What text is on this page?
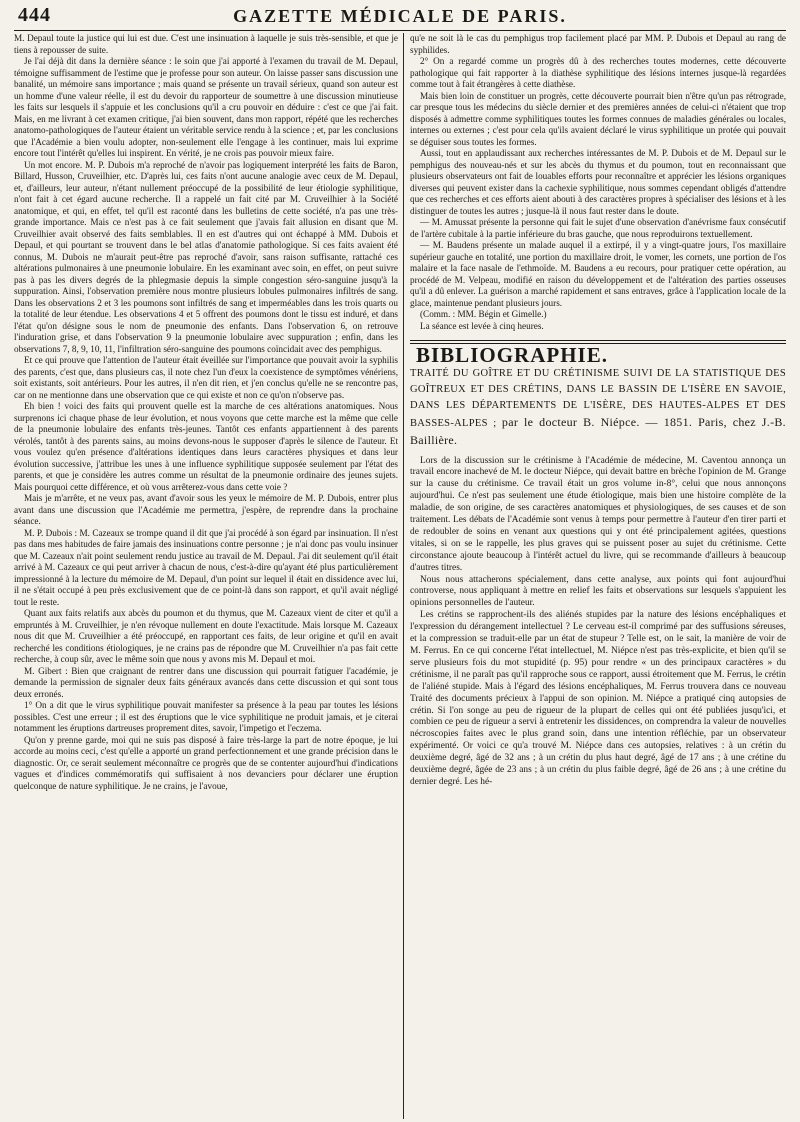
444	GAZETTE MÉDICALE DE PARIS.

M. Depaul toute la justice qui lui est due. C'est une insinuation à laquelle je suis très-sensible, et que je tiens à repousser de suite.

Je l'ai déjà dit dans la dernière séance : le soin que j'ai apporté à l'examen du travail de M. Depaul, témoigne suffisamment de l'estime que je professe pour son auteur. On laisse passer sans discussion une banalité, un mémoire sans importance ; mais quand se présente un travail sérieux, quand son auteur est un homme d'une valeur réelle, il est du devoir du rapporteur de soumettre à une discussion minutieuse les faits sur lesquels il s'appuie et les conclusions qu'il a cru pouvoir en déduire : c'est ce que j'ai fait. Mais, en me livrant à cet examen critique, j'ai bien souvent, dans mon rapport, répété que les recherches anatomo-pathologiques de l'auteur étaient un véritable service rendu à la science ; et, par les conclusions que l'Académie a bien voulu adopter, non-seulement elle l'engage à les continuer, mais lui exprime encore tout l'intérêt qu'elles lui inspirent. En vérité, je ne crois pas pouvoir mieux faire.

Un mot encore. M. P. Dubois m'a reproché de n'avoir pas logiquement interprété les faits de Baron, Billard, Husson, Cruveilhier, etc. D'après lui, ces faits n'ont aucune analogie avec ceux de M. Depaul, et, d'ailleurs, leur auteur, n'étant nullement préoccupé de la possibilité de leur étiologie syphilitique, n'ont fait à cet égard aucune recherche. Il a rappelé un fait cité par M. Cruveilhier à la Société anatomique, et qui, en effet, tel qu'il est raconté dans les bulletins de cette société, n'a pas une très-grande importance. Mais ce n'est pas à ce fait seulement que j'avais fait allusion en disant que M. Cruveilhier avait observé des faits semblables. Il en est d'autres qui ont échappé à MM. Dubois et Depaul, et qui pourtant se trouvent dans le bel atlas d'anatomie pathologique. Si ces faits avaient été connus, M. Dubois ne m'aurait peut-être pas reproché d'avoir, sans raison suffisante, rattaché ces altérations pulmonaires à une pneumonie lobulaire. En les examinant avec soin, en effet, on peut suivre pas à pas les divers degrés de la phlegmasie depuis la simple congestion séro-sanguine jusqu'à la suppuration. Ainsi, l'observation première nous montre plusieurs lobules pulmonaires infiltrés de sang. Dans les observations 2 et 3 les poumons sont infiltrés de sang et imperméables dans les trois quarts ou la totalité de leur étendue. Les observations 4 et 5 offrent des poumons dont le tissu est induré, et dans l'état qu'on désigne sous le nom de pneumonie des enfants. Dans l'observation 6, on retrouve l'induration grise, et dans l'observation 9 la pneumonie lobulaire avec suppuration ; enfin, dans les observations 7, 8, 9, 10, 11, l'infiltration séro-sanguine des poumons coïncidait avec des pemphigus.

Et ce qui prouve que l'attention de l'auteur était éveillée sur l'importance que pouvait avoir la syphilis des parents, c'est que, dans plusieurs cas, il note chez l'un d'eux la coexistence de symptômes vénériens, soit existants, soit antérieurs. Pour les autres, il n'en dit rien, et j'en conclus qu'elle ne se rencontre pas, car on ne mentionne dans une observation que ce qui existe et non ce qu'on n'observe pas.

Eh bien ! voici des faits qui prouvent quelle est la marche de ces altérations anatomiques. Nous surprenons ici chaque phase de leur évolution, et nous voyons que cette marche est la même que celle de la pneumonie lobulaire des enfants très-jeunes. Tantôt ces enfants appartiennent à des parents vérolés, tantôt à des parents sains, au moins devons-nous le supposer d'après le silence de l'auteur. Et vous voulez qu'en présence d'altérations identiques dans leurs caractères physiques et dans leur évolution successive, j'attribue les unes à une influence syphilitique supposée seulement par l'état des parents, et que je considère les autres comme un résultat de la pneumonie ordinaire des jeunes sujets. Mais pourquoi cette différence, et où vous arrêterez-vous dans cette voie ?

Mais je m'arrête, et ne veux pas, avant d'avoir sous les yeux le mémoire de M. P. Dubois, entrer plus avant dans une discussion que l'Académie me permettra, j'espère, de reprendre dans la prochaine séance.

M. P. Dubois : M. Cazeaux se trompe quand il dit que j'ai procédé à son égard par insinuation. Il n'est pas dans mes habitudes de faire jamais des insinuations contre personne ; je n'ai donc pas voulu insinuer que M. Cazeaux n'ait point seulement rendu justice au travail de M. Depaul. J'ai dit seulement qu'il était arrivé à M. Cazeaux ce qui peut arriver à chacun de nous, c'est-à-dire qu'ayant été plus particulièrement impressionné à la lecture du mémoire de M. Depaul, d'un point sur lequel il était en dissidence avec lui, il ne s'était occupé à peu près exclusivement que de ce point-là dans son rapport, et qu'il avait négligé tout le reste.

Quant aux faits relatifs aux abcès du poumon et du thymus, que M. Cazeaux vient de citer et qu'il a empruntés à M. Cruveilhier, je n'en révoque nullement en doute l'exactitude. Mais lorsque M. Cazeaux nous dit que M. Cruveilhier a été préoccupé, en rapportant ces faits, de leur origine et qu'il en avait recherché les conditions étiologiques, je ne crains pas de répondre que M. Cruveilhier n'a pas fait cette recherche, à coup sûr, avec le même soin que nous y avons mis M. Depaul et moi.

M. Gibert : Bien que craignant de rentrer dans une discussion qui pourrait fatiguer l'académie, je demande la permission de signaler deux faits généraux avancés dans cette discussion et qui sont tous deux erronés.

1° On a dit que le virus syphilitique pouvait manifester sa présence à la peau par toutes les lésions possibles. C'est une erreur ; il est des éruptions que le vice syphilitique ne produit jamais, et je citerai notamment les éruptions dartreuses proprement dites, savoir, l'impetigo et l'eczema.

Qu'on y prenne garde, moi qui ne suis pas disposé à faire très-large la part de notre époque, je lui accorde au moins ceci, c'est qu'elle a apporté un grand perfectionnement et une grande précision dans le diagnostic. Or, ce serait seulement méconnaître ce progrès que de se contenter aujourd'hui d'indications vagues et d'indices commémoratifs qui suffisaient à nos devanciers pour déclarer une éruption quelconque de nature syphilitique. Je ne crains, je l'avoue,

qu'e ne soit là le cas du pemphigus trop facilement placé par MM. P. Dubois et Depaul au rang de syphilides.

2° On a regardé comme un progrès dû à des recherches toutes modernes, cette découverte pathologique qui fait rapporter à la diathèse syphilitique des lésions internes jusque-là regardées comme tout à fait étrangères à cette diathèse.

Mais bien loin de constituer un progrès, cette découverte pourrait bien n'être qu'un pas rétrograde, car presque tous les médecins du siècle dernier et des premières années de celui-ci n'étaient que trop disposés à admettre comme syphilitiques toutes les formes connues de maladies générales ou locales, internes ou externes ; c'est pour cela qu'ils avaient déclaré le virus syphilitique un protée qui pouvait se déguiser sous toutes les formes.

Aussi, tout en applaudissant aux recherches intéressantes de M. P. Dubois et de M. Depaul sur le pemphigus des nouveau-nés et sur les abcès du thymus et du poumon, tout en reconnaissant que plusieurs observateurs ont fait de louables efforts pour reconnaître et apprécier les lésions organiques diverses qui peuvent exister dans la cachexie syphilitique, nous sommes cependant obligés d'attendre que ces recherches et ces efforts aient abouti à des caractères propres à spécialiser des lésions et à les distinguer de toutes les autres ; jusque-là il nous faut rester dans le doute.

— M. Amussat présente la personne qui fait le sujet d'une observation d'anévrisme faux consécutif de l'artère cubitale à la partie inférieure du bras gauche, que nous reproduirons textuellement.

— M. Baudens présente un malade auquel il a extirpé, il y a vingt-quatre jours, l'os maxillaire supérieur gauche en totalité, une portion du maxillaire droit, le vomer, les cornets, une portion de l'os malaire et la face nasale de l'ethmoïde. M. Baudens a eu recours, pour pratiquer cette opération, au procédé de M. Velpeau, modifié en raison du développement et de l'altération des parties osseuses qu'il a dû enlever. La guérison a marché rapidement et sans entraves, grâce à l'application locale de la glace, maintenue pendant plusieurs jours.

(Comm. : MM. Bégin et Gimelle.)

La séance est levée à cinq heures.

BIBLIOGRAPHIE.
TRAITÉ DU GOÎTRE ET DU CRÉTINISME SUIVI DE LA STATISTIQUE DES GOÎTREUX ET DES CRÉTINS, DANS LE BASSIN DE L'ISÈRE EN SAVOIE, DANS LES DÉPARTEMENTS DE L'ISÈRE, DES HAUTES-ALPES ET DES BASSES-ALPES ; par le docteur B. Niépce. — 1851. Paris, chez J.-B. Baillière.

Lors de la discussion sur le crétinisme à l'Académie de médecine, M. Caventou annonça un travail encore inachevé de M. le docteur Niépce, qui devait battre en brèche l'opinion de M. Grange sur la cause du crétinisme. Ce travail était un gros volume in-8°, celui que nous annonçons aujourd'hui. Ce n'est pas seulement une étude étiologique, mais bien une histoire complète de la maladie, de son origine, de ses caractères anatomiques et physiologiques, de ses causes et de son traitement. Les débats de l'Académie sont venus à temps pour permettre à l'auteur d'en tirer parti et de redoubler de soins en venant aux questions qui y ont été principalement agitées, questions vitales, si on se le rappelle, les plus graves qui se puissent poser au sujet du crétinisme. Cette circonstance ajoute beaucoup à l'intérêt actuel du livre, qui se recommande d'ailleurs à beaucoup d'autres titres.

Nous nous attacherons spécialement, dans cette analyse, aux points qui font aujourd'hui controverse, nous appliquant à mettre en relief les faits et observations sur lesquels s'appuient les opinions personnelles de l'auteur.

Les crétins se rapprochent-ils des aliénés stupides par la nature des lésions encéphaliques et l'expression du dérangement intellectuel ? Le cerveau est-il comprimé par des suffusions séreuses, et la compression se traduit-elle par un état de stupeur ? Telle est, on le sait, la manière de voir de M. Ferrus. En ce qui concerne l'état intellectuel, M. Niépce n'est pas très-explicite, et bien qu'il se serve plusieurs fois du mot stupidité (p. 95) pour rendre « un des principaux caractères » du crétinisme, il ne paraît pas qu'il rapproche sous ce rapport, aussi étroitement que M. Ferrus, le crétin de l'aliéné stupide. Mais à l'égard des lésions encéphaliques, M. Ferrus trouvera dans ce nouveau Traité des documents précieux à l'appui de son opinion. M. Niépce a pratiqué cinq autopsies de crétin. Si l'on songe au peu de rigueur de la plupart de celles qui ont été publiées jusqu'ici, et combien ce peu de rigueur a servi à entretenir les dissidences, on comprendra la valeur de nouvelles nécroscopies faites avec le plus grand soin, dans une intention réfléchie, par un observateur expérimenté. Or voici ce qu'a trouvé M. Niépce dans ces autopsies, relatives : à un crétin du deuxième degré, âgé de 32 ans ; à un crétin du plus haut degré, âgé de 17 ans ; à une crétine du deuxième degré, âgée de 23 ans ; à un crétin du plus faible degré, âgé de 26 ans ; à une crétine du dernier degré. Les hé-
